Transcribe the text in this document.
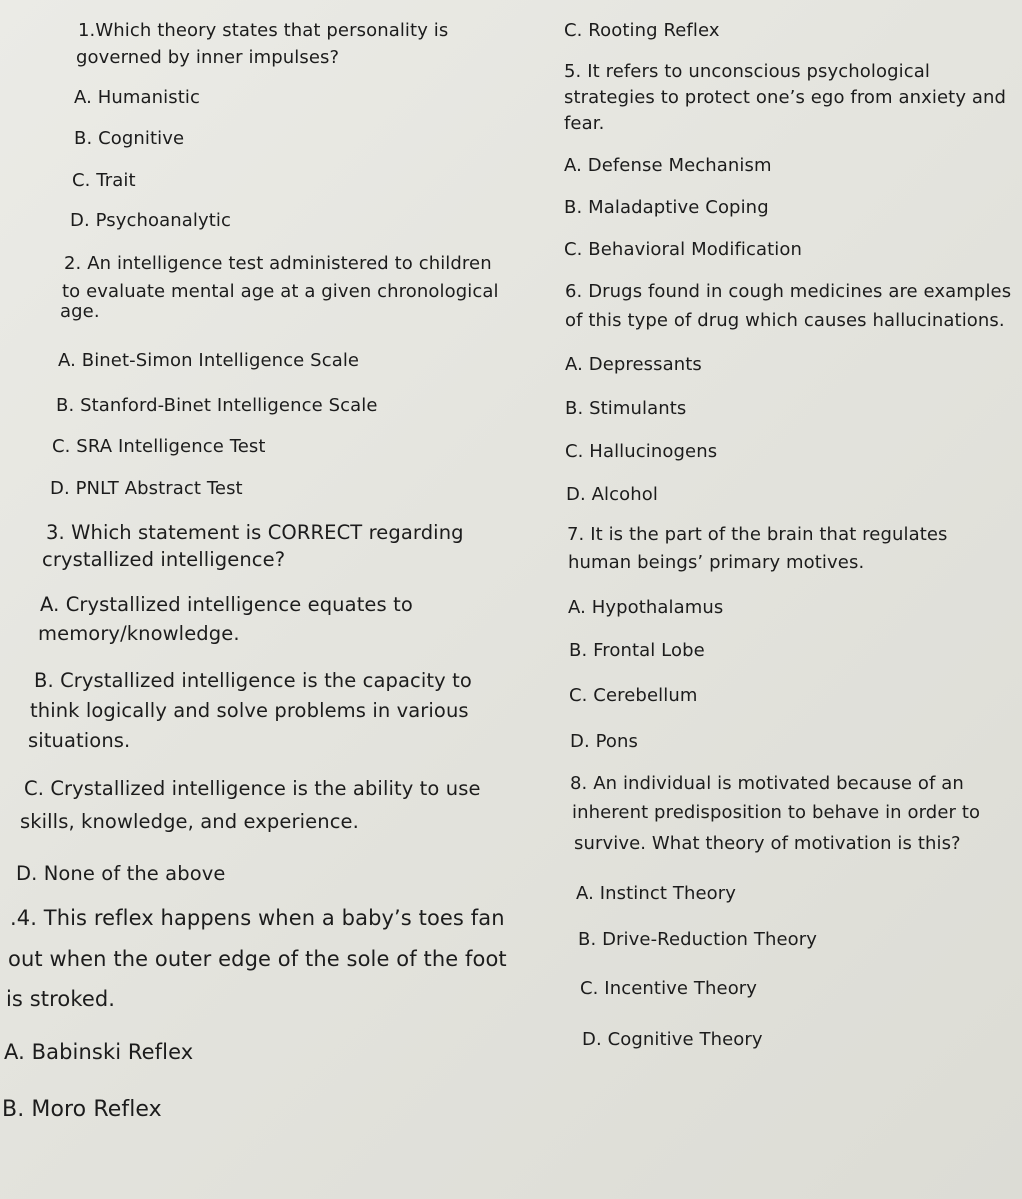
1.Which theory states that personality is

governed by inner impulses?

A. Humanistic

B. Cognitive

C. Trait

D. Psychoanalytic

2. An intelligence test administered to children

to evaluate mental age at a given chronological

age.

A. Binet-Simon Intelligence Scale

B. Stanford-Binet Intelligence Scale

C. SRA Intelligence Test

D. PNLT Abstract Test

3. Which statement is CORRECT regarding

crystallized intelligence?

A. Crystallized intelligence equates to

memory/knowledge.

B. Crystallized intelligence is the capacity to

think logically and solve problems in various

situations.

C. Crystallized intelligence is the ability to use

skills, knowledge, and experience.

D. None of the above

.4. This reflex happens when a baby’s toes fan

out when the outer edge of the sole of the foot

is stroked.

A. Babinski Reflex

B. Moro Reflex

C. Rooting Reflex

5. It refers to unconscious psychological

strategies to protect one’s ego from anxiety and

fear.

A. Defense Mechanism

B. Maladaptive Coping

C. Behavioral Modification

6. Drugs found in cough medicines are examples

of this type of drug which causes hallucinations.

A. Depressants

B. Stimulants

C. Hallucinogens

D. Alcohol

7. It is the part of the brain that regulates

human beings’ primary motives.

A. Hypothalamus

B. Frontal Lobe

C. Cerebellum

D. Pons

8. An individual is motivated because of an

inherent predisposition to behave in order to

survive. What theory of motivation is this?

A. Instinct Theory

B. Drive-Reduction Theory

C. Incentive Theory

D. Cognitive Theory
